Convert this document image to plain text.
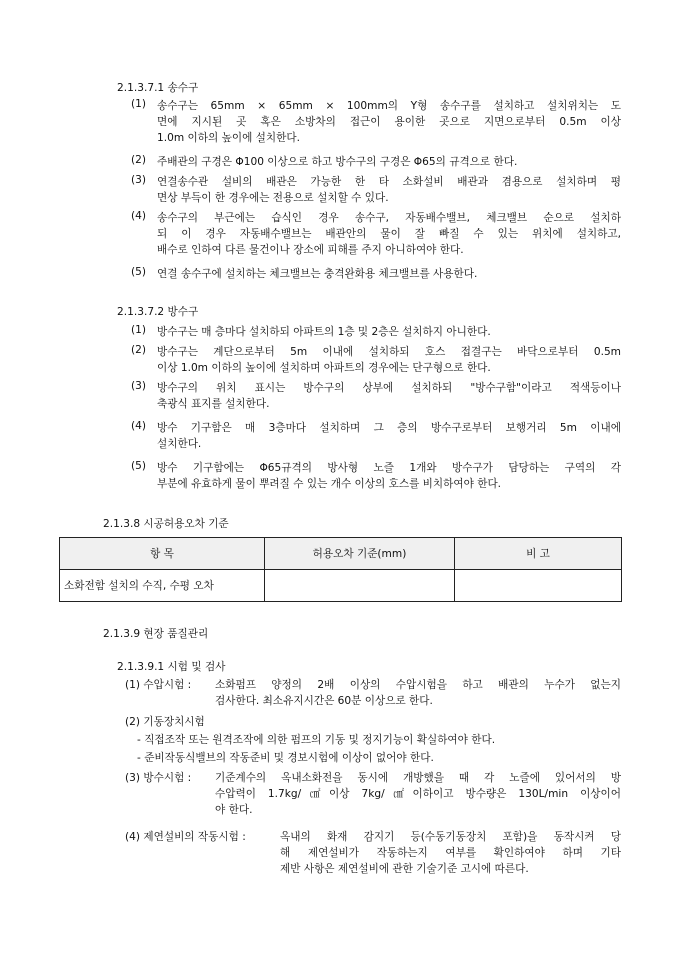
2.1.3.7.1 송수구
(1) 송수구는 65mm × 65mm × 100mm의 Y형 송수구를 설치하고 설치위치는 도
면에 지시된 곳 혹은 소방차의 접근이 용이한 곳으로 지면으로부터 0.5m 이상
1.0m 이하의 높이에 설치한다.
(2) 주배관의 구경은 Φ100 이상으로 하고 방수구의 구경은 Φ65의 규격으로 한다.
(3) 연결송수관 설비의 배관은 가능한 한 타 소화설비 배관과 겸용으로 설치하며 평
면상 부득이 한 경우에는 전용으로 설치할 수 있다.
(4) 송수구의 부근에는 습식인 경우 송수구, 자동배수밸브, 체크밸브 순으로 설치하
되 이 경우 자동배수밸브는 배관안의 물이 잘 빠질 수 있는 위치에 설치하고,
배수로 인하여 다른 물건이나 장소에 피해를 주지 아니하여야 한다.
(5) 연결 송수구에 설치하는 체크밸브는 충격완화용 체크밸브를 사용한다.
2.1.3.7.2 방수구
(1) 방수구는 매 층마다 설치하되 아파트의 1층 및 2층은 설치하지 아니한다.
(2) 방수구는 계단으로부터 5m 이내에 설치하되 호스 접결구는 바닥으로부터 0.5m
이상 1.0m 이하의 높이에 설치하며 아파트의 경우에는 단구형으로 한다.
(3) 방수구의 위치 표시는 방수구의 상부에 설치하되 "방수구함"이라고 적색등이나
축광식 표지를 설치한다.
(4) 방수 기구함은 매 3층마다 설치하며 그 층의 방수구로부터 보행거리 5m 이내에
설치한다.
(5) 방수 기구함에는 Φ65규격의 방사형 노즐 1개와 방수구가 담당하는 구역의 각
부분에 유효하게 물이 뿌려질 수 있는 개수 이상의 호스를 비치하여야 한다.
2.1.3.8 시공허용오차 기준
항 목	허용오차 기준(mm)	비 고
소화전함 설치의 수직, 수평 오차		
2.1.3.9 현장 품질관리
2.1.3.9.1 시험 및 검사
(1) 수압시험 : 소화펌프 양정의 2배 이상의 수압시험을 하고 배관의 누수가 없는지
검사한다. 최소유지시간은 60분 이상으로 한다.
(2) 기동장치시험
- 직접조작 또는 원격조작에 의한 펌프의 기동 및 정지기능이 확실하여야 한다.
- 준비작동식밸브의 작동준비 및 경보시험에 이상이 없어야 한다.
(3) 방수시험 : 기준계수의 옥내소화전을 동시에 개방했을 때 각 노즐에 있어서의 방
수압력이 1.7kg/㎠이상 7kg/㎠이하이고 방수량은 130L/min 이상이어
야 한다.
(4) 제연설비의 작동시험 :	옥내의 화재 감지기 등(수동기동장치 포함)을 동작시켜 당
해 제연설비가 작동하는지 여부를 확인하여야 하며 기타
제반 사항은 제연설비에 관한 기술기준 고시에 따른다.
